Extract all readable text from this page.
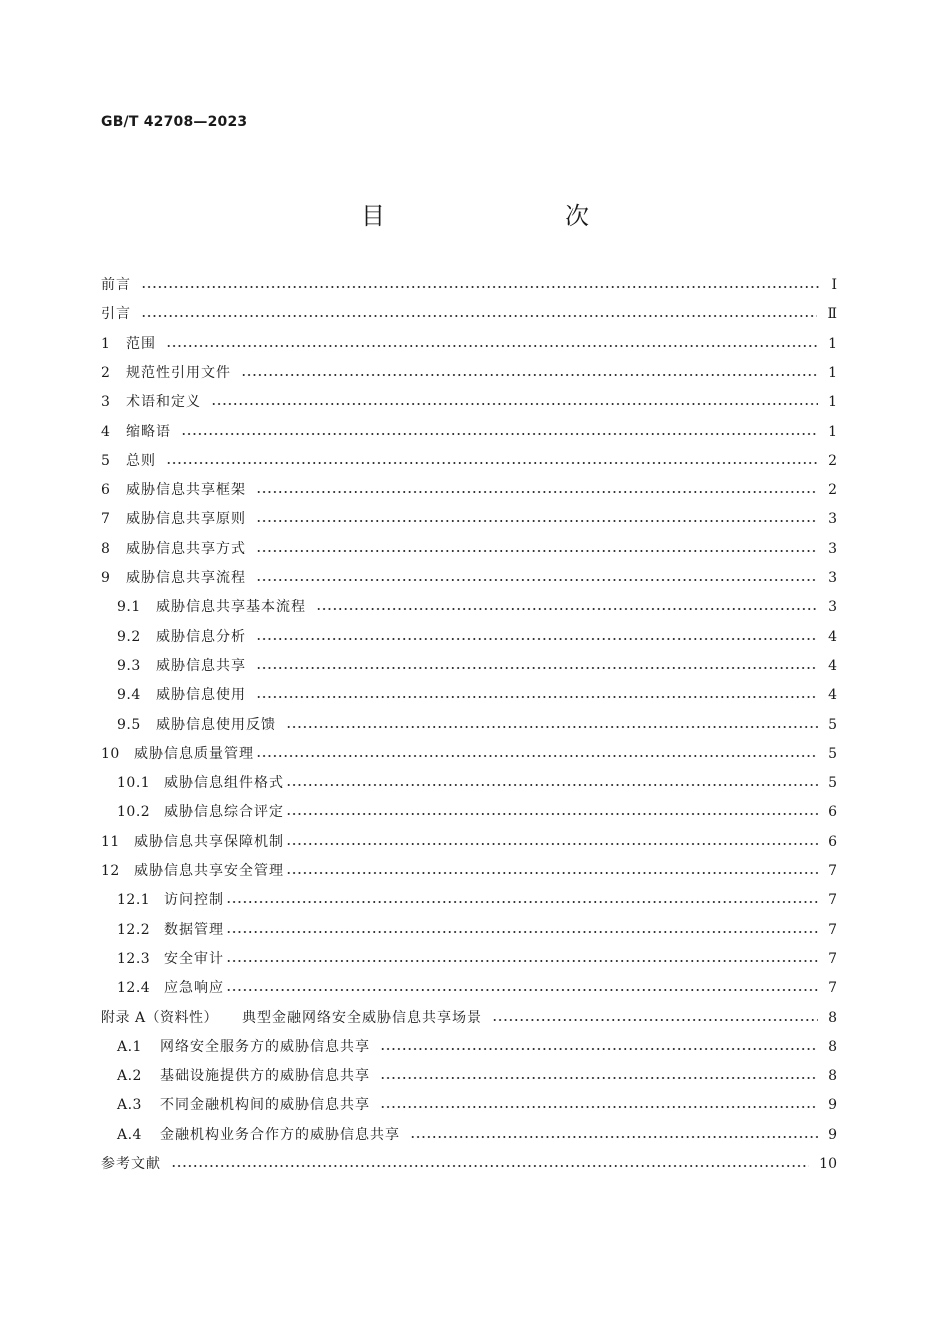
GB/T 42708—2023
目　　次
前言	Ⅰ
引言	Ⅱ
1 范围	1
2 规范性引用文件	1
3 术语和定义	1
4 缩略语	1
5 总则	2
6 威胁信息共享框架	2
7 威胁信息共享原则	3
8 威胁信息共享方式	3
9 威胁信息共享流程	3
9.1 威胁信息共享基本流程	3
9.2 威胁信息分析	4
9.3 威胁信息共享	4
9.4 威胁信息使用	4
9.5 威胁信息使用反馈	5
10 威胁信息质量管理	5
10.1 威胁信息组件格式	5
10.2 威胁信息综合评定	6
11 威胁信息共享保障机制	6
12 威胁信息共享安全管理	7
12.1 访问控制	7
12.2 数据管理	7
12.3 安全审计	7
12.4 应急响应	7
附录 A（资料性） 典型金融网络安全威胁信息共享场景	8
A.1 网络安全服务方的威胁信息共享	8
A.2 基础设施提供方的威胁信息共享	8
A.3 不同金融机构间的威胁信息共享	9
A.4 金融机构业务合作方的威胁信息共享	9
参考文献	10
